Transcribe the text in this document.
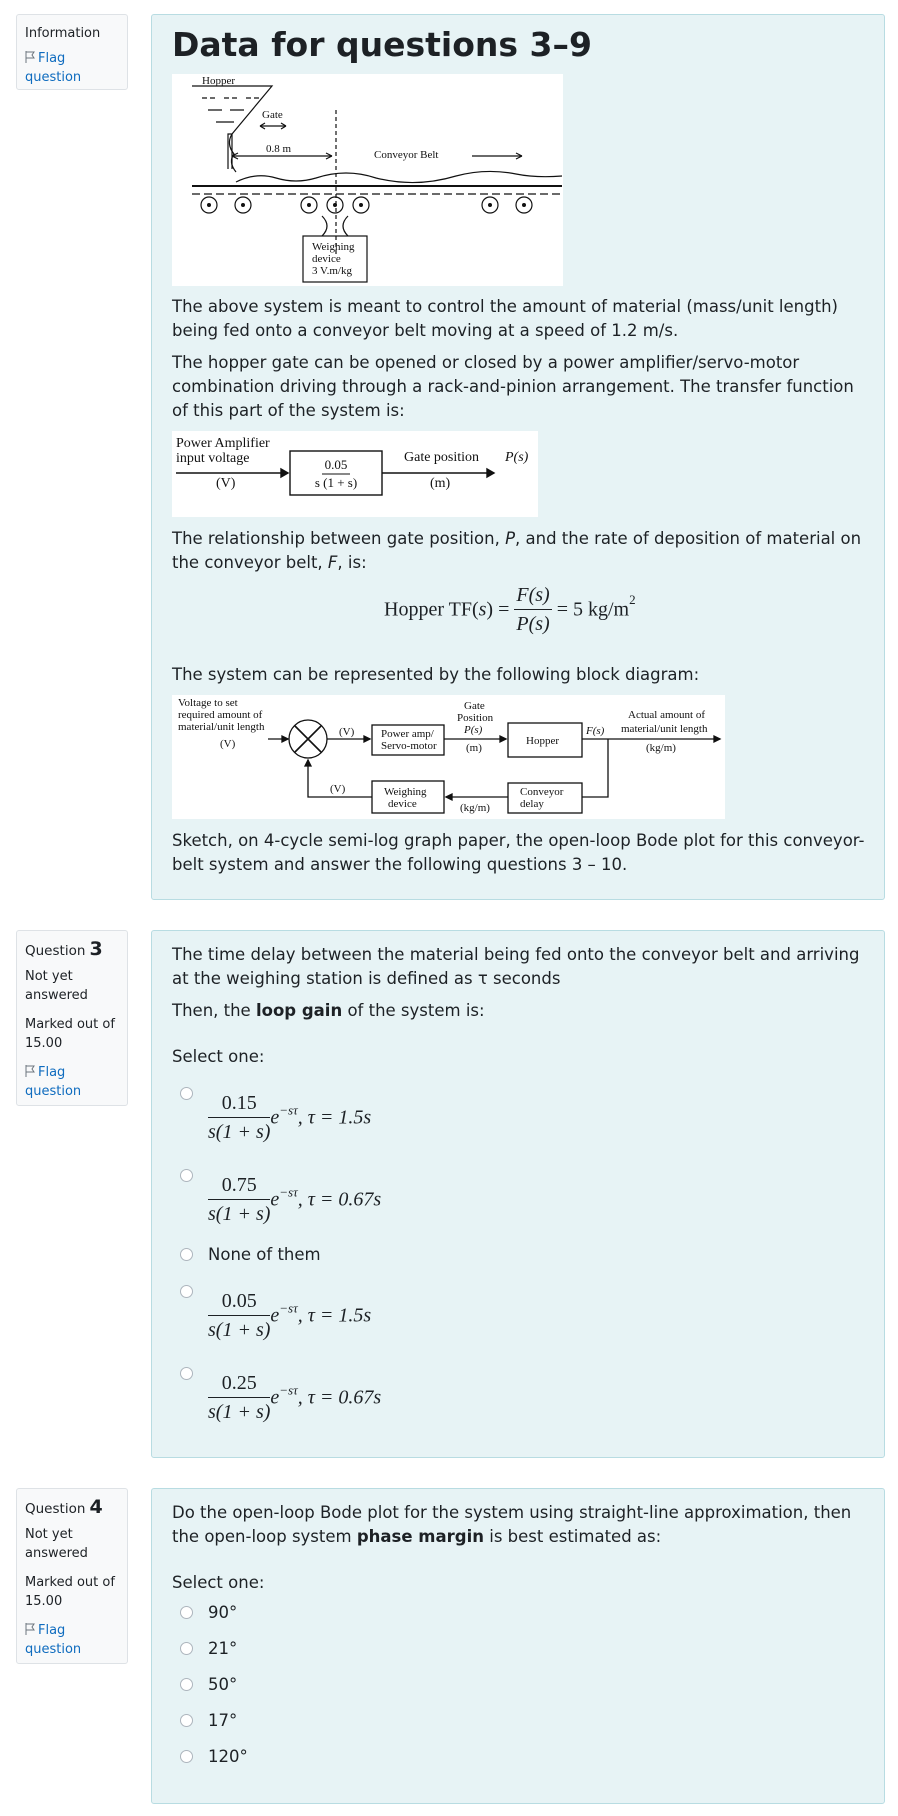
Information
Flag question
Data for questions 3–9
Hopper
Gate
0.8 m	Conveyor Belt
Weighing
device
3 V.m/kg

The above system is meant to control the amount of material (mass/unit length) being fed onto a conveyor belt moving at a speed of 1.2 m/s.

The hopper gate can be opened or closed by a power amplifier/servo-motor combination driving through a rack-and-pinion arrangement. The transfer function of this part of the system is:

Power Amplifier
input voltage
(V)
0.05
s (1 + s)
Gate position P(s)
(m)

The relationship between gate position, P, and the rate of deposition of material on the conveyor belt, F, is:

Hopper $TF(s) = \frac{F(s)}{P(s)} = 5$ $kg/m^2$

The system can be represented by the following block diagram:

Voltage to set
required amount of
material/unit length
(V)
(V) Power amp/
Servo-motor
Gate
Position
P(s)
(m)
Hopper
F(s)
Actual amount of
material/unit length
(kg/m)
Weighing
device
(V)
(kg/m)
Conveyor
delay

Sketch, on 4-cycle semi-log graph paper, the open-loop Bode plot for this conveyor-belt system and answer the following questions 3 – 10.

Question 3
Not yet answered
Marked out of 15.00
Flag question

The time delay between the material being fed onto the conveyor belt and arriving at the weighing station is defined as τ seconds

Then, the loop gain of the system is:

Select one:

$\frac{0.15}{s(1 + s)} e^{-s\tau}$, τ = 1.5s
$\frac{0.75}{s(1 + s)} e^{-s\tau}$, τ = 0.67s
None of them
$\frac{0.05}{s(1 + s)} e^{-s\tau}$, τ = 1.5s
$\frac{0.25}{s(1 + s)} e^{-s\tau}$, τ = 0.67s
Question 4
Not yet answered
Marked out of 15.00
Flag question

Do the open-loop Bode plot for the system using straight-line approximation, then the open-loop system phase margin is best estimated as:

Select one:

90°
21°
50°
17°
120°
